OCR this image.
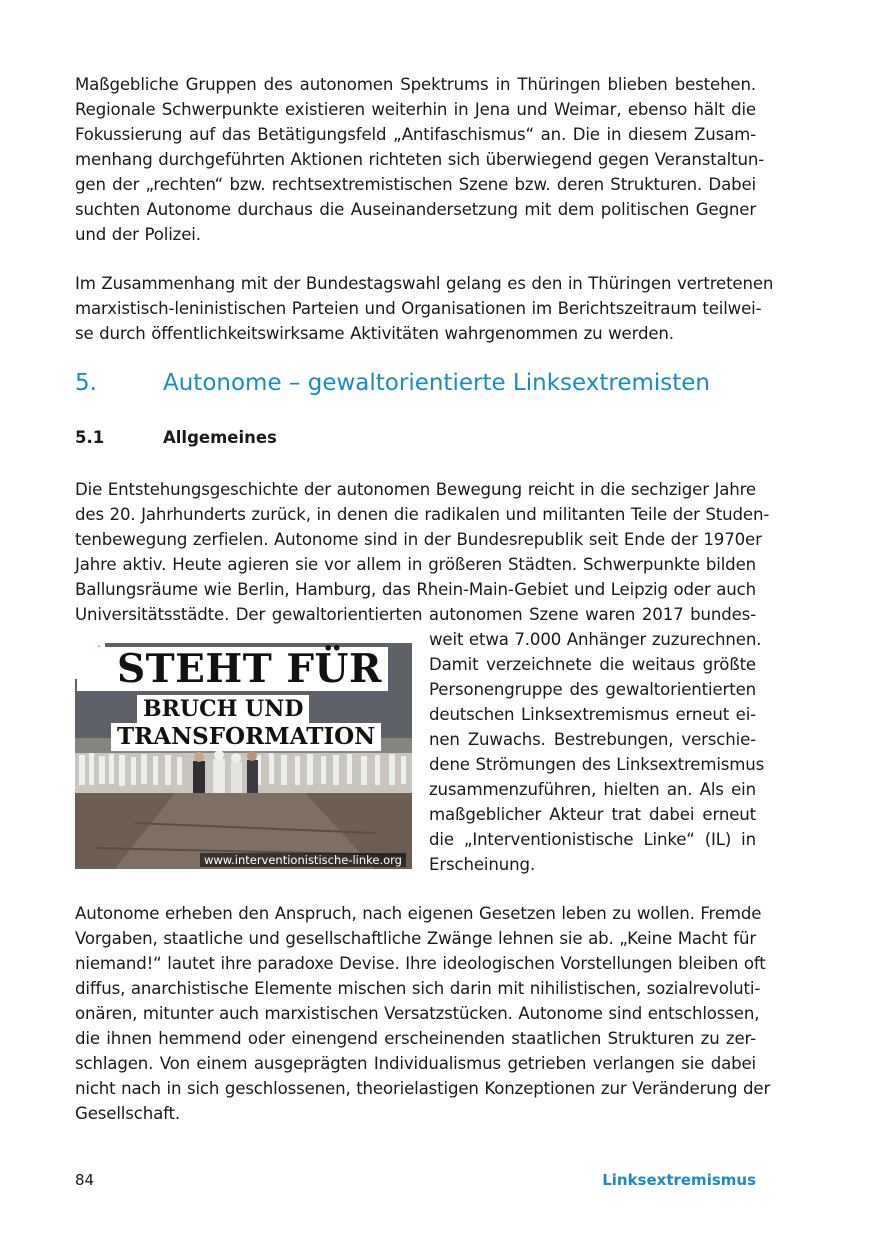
Maßgebliche Gruppen des autonomen Spektrums in Thüringen blieben bestehen.
Regionale Schwerpunkte existieren weiterhin in Jena und Weimar, ebenso hält die
Fokussierung auf das Betätigungsfeld „Antifaschismus“ an. Die in diesem Zusam-
menhang durchgeführten Aktionen richteten sich überwiegend gegen Veranstaltun-
gen der „rechten“ bzw. rechtsextremistischen Szene bzw. deren Strukturen. Dabei
suchten Autonome durchaus die Auseinandersetzung mit dem politischen Gegner
und der Polizei.
Im Zusammenhang mit der Bundestagswahl gelang es den in Thüringen vertretenen
marxistisch-leninistischen Parteien und Organisationen im Berichtszeitraum teilwei-
se durch öffentlichkeitswirksame Aktivitäten wahrgenommen zu werden.
5.	Autonome – gewaltorientierte Linksextremisten
5.1	Allgemeines
Die Entstehungsgeschichte der autonomen Bewegung reicht in die sechziger Jahre
des 20. Jahrhunderts zurück, in denen die radikalen und militanten Teile der Studen-
tenbewegung zerfielen. Autonome sind in der Bundesrepublik seit Ende der 1970er
Jahre aktiv. Heute agieren sie vor allem in größeren Städten. Schwerpunkte bilden
Ballungsräume wie Berlin, Hamburg, das Rhein-Main-Gebiet und Leipzig oder auch
Universitätsstädte. Der gewaltorientierten autonomen Szene waren 2017 bundes-
weit etwa 7.000 Anhänger zuzurechnen.
Damit verzeichnete die weitaus größte
Personengruppe des gewaltorientierten
deutschen Linksextremismus erneut ei-
nen Zuwachs. Bestrebungen, verschie-
dene Strömungen des Linksextremismus
zusammenzuführen, hielten an. Als ein
maßgeblicher Akteur trat dabei erneut
die „Interventionistische Linke“ (IL) in
Erscheinung.
STEHT FÜR
BRUCH UND
TRANSFORMATION
www.interventionistische-linke.org
Autonome erheben den Anspruch, nach eigenen Gesetzen leben zu wollen. Fremde
Vorgaben, staatliche und gesellschaftliche Zwänge lehnen sie ab. „Keine Macht für
niemand!“ lautet ihre paradoxe Devise. Ihre ideologischen Vorstellungen bleiben oft
diffus, anarchistische Elemente mischen sich darin mit nihilistischen, sozialrevoluti-
onären, mitunter auch marxistischen Versatzstücken. Autonome sind entschlossen,
die ihnen hemmend oder einengend erscheinenden staatlichen Strukturen zu zer-
schlagen. Von einem ausgeprägten Individualismus getrieben verlangen sie dabei
nicht nach in sich geschlossenen, theorielastigen Konzeptionen zur Veränderung der
Gesellschaft.

84	Linksextremismus
